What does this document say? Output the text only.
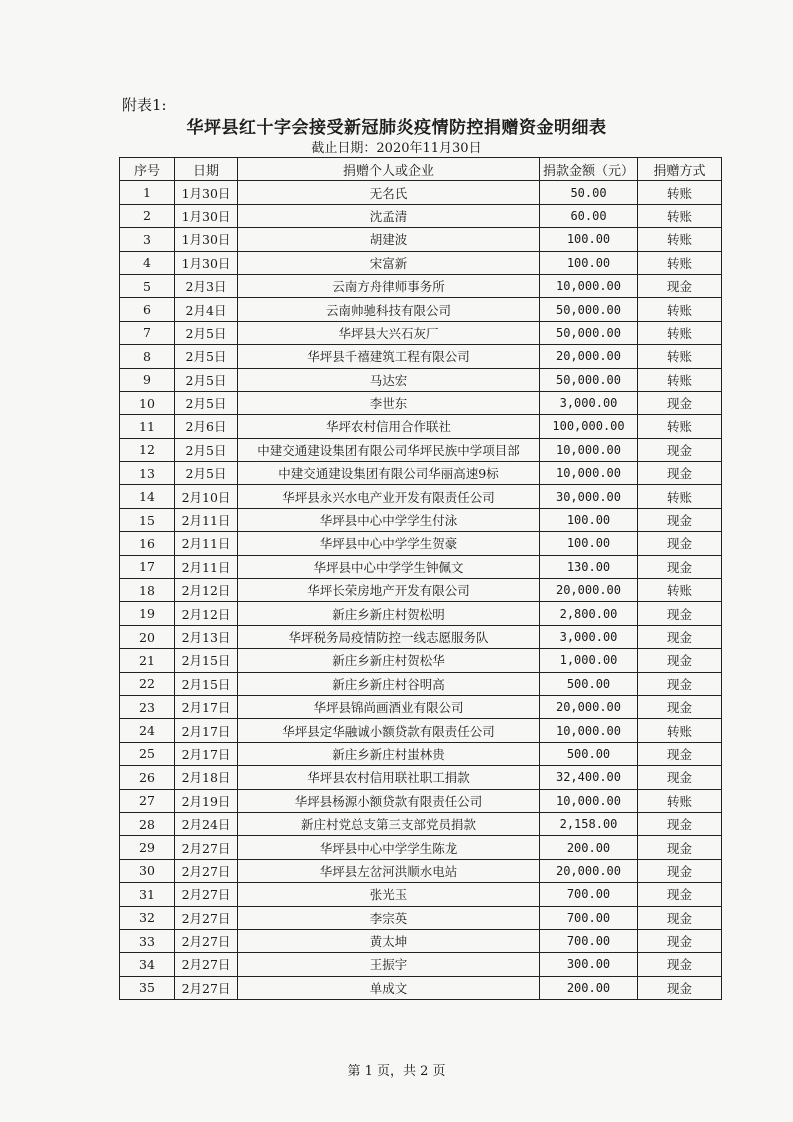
附表1:
华坪县红十字会接受新冠肺炎疫情防控捐赠资金明细表
截止日期：2020年11月30日
序号	日期	捐赠个人或企业	捐款金额（元）	捐赠方式
1	1月30日	无名氏	50.00	转账
2	1月30日	沈孟清	60.00	转账
3	1月30日	胡建波	100.00	转账
4	1月30日	宋富新	100.00	转账
5	2月3日	云南方舟律师事务所	10,000.00	现金
6	2月4日	云南帅驰科技有限公司	50,000.00	转账
7	2月5日	华坪县大兴石灰厂	50,000.00	转账
8	2月5日	华坪县千禧建筑工程有限公司	20,000.00	转账
9	2月5日	马达宏	50,000.00	转账
10	2月5日	李世东	3,000.00	现金
11	2月6日	华坪农村信用合作联社	100,000.00	转账
12	2月5日	中建交通建设集团有限公司华坪民族中学项目部	10,000.00	现金
13	2月5日	中建交通建设集团有限公司华丽高速9标	10,000.00	现金
14	2月10日	华坪县永兴水电产业开发有限责任公司	30,000.00	转账
15	2月11日	华坪县中心中学学生付泳	100.00	现金
16	2月11日	华坪县中心中学学生贺豪	100.00	现金
17	2月11日	华坪县中心中学学生钟佩文	130.00	现金
18	2月12日	华坪长荣房地产开发有限公司	20,000.00	转账
19	2月12日	新庄乡新庄村贺松明	2,800.00	现金
20	2月13日	华坪税务局疫情防控一线志愿服务队	3,000.00	现金
21	2月15日	新庄乡新庄村贺松华	1,000.00	现金
22	2月15日	新庄乡新庄村谷明高	500.00	现金
23	2月17日	华坪县锦尚画酒业有限公司	20,000.00	现金
24	2月17日	华坪县定华融诚小额贷款有限责任公司	10,000.00	转账
25	2月17日	新庄乡新庄村蚩林贵	500.00	现金
26	2月18日	华坪县农村信用联社职工捐款	32,400.00	现金
27	2月19日	华坪县杨源小额贷款有限责任公司	10,000.00	转账
28	2月24日	新庄村党总支第三支部党员捐款	2,158.00	现金
29	2月27日	华坪县中心中学学生陈龙	200.00	现金
30	2月27日	华坪县左岔河洪顺水电站	20,000.00	现金
31	2月27日	张光玉	700.00	现金
32	2月27日	李宗英	700.00	现金
33	2月27日	黄太坤	700.00	现金
34	2月27日	王振宇	300.00	现金
35	2月27日	单成文	200.00	现金
第 1 页，共 2 页
